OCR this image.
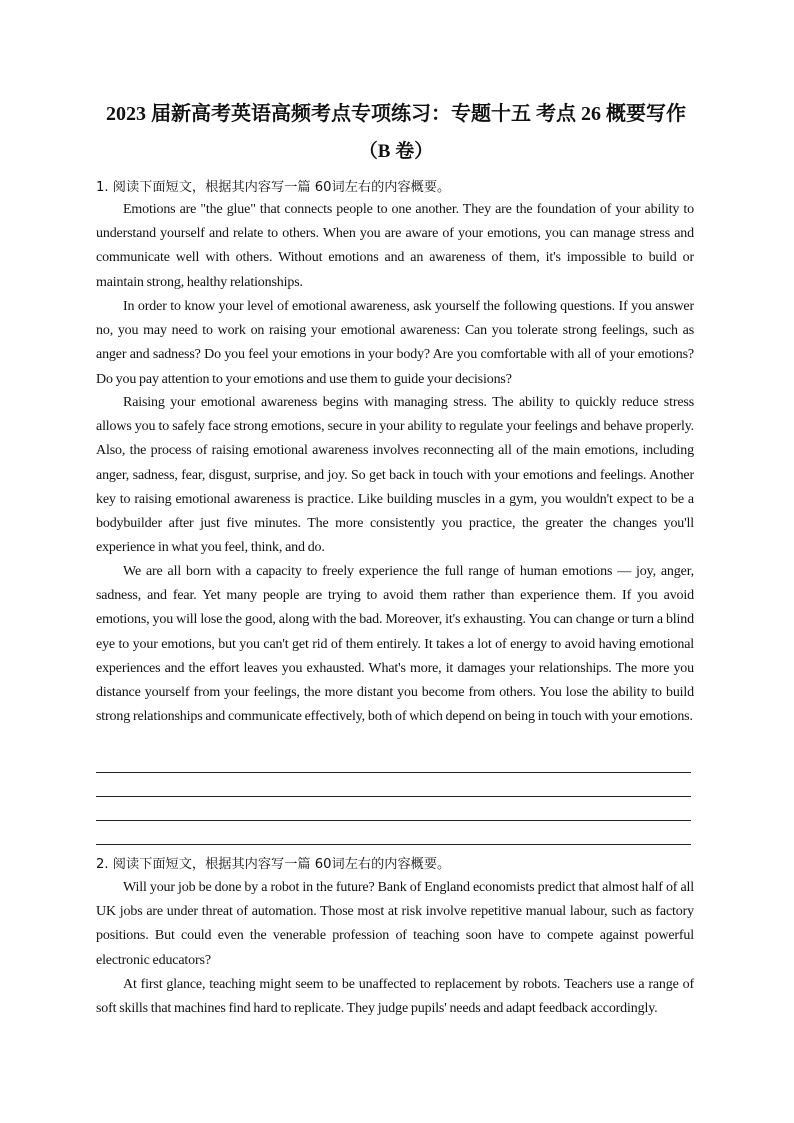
2023 届新高考英语高频考点专项练习：专题十五 考点 26 概要写作
（B 卷）
1. 阅读下面短文，根据其内容写一篇 60词左右的内容概要。
Emotions are "the glue" that connects people to one another. They are the foundation of your ability to understand yourself and relate to others. When you are aware of your emotions, you can manage stress and communicate well with others. Without emotions and an awareness of them, it's impossible to build or maintain strong, healthy relationships.
In order to know your level of emotional awareness, ask yourself the following questions. If you answer no, you may need to work on raising your emotional awareness: Can you tolerate strong feelings, such as anger and sadness? Do you feel your emotions in your body? Are you comfortable with all of your emotions? Do you pay attention to your emotions and use them to guide your decisions?
Raising your emotional awareness begins with managing stress. The ability to quickly reduce stress allows you to safely face strong emotions, secure in your ability to regulate your feelings and behave properly. Also, the process of raising emotional awareness involves reconnecting all of the main emotions, including anger, sadness, fear, disgust, surprise, and joy. So get back in touch with your emotions and feelings. Another key to raising emotional awareness is practice. Like building muscles in a gym, you wouldn't expect to be a bodybuilder after just five minutes. The more consistently you practice, the greater the changes you'll experience in what you feel, think, and do.
We are all born with a capacity to freely experience the full range of human emotions — joy, anger, sadness, and fear. Yet many people are trying to avoid them rather than experience them. If you avoid emotions, you will lose the good, along with the bad. Moreover, it's exhausting. You can change or turn a blind eye to your emotions, but you can't get rid of them entirely. It takes a lot of energy to avoid having emotional experiences and the effort leaves you exhausted. What's more, it damages your relationships. The more you distance yourself from your feelings, the more distant you become from others. You lose the ability to build strong relationships and communicate effectively, both of which depend on being in touch with your emotions.
2. 阅读下面短文，根据其内容写一篇 60词左右的内容概要。
Will your job be done by a robot in the future? Bank of England economists predict that almost half of all UK jobs are under threat of automation. Those most at risk involve repetitive manual labour, such as factory positions. But could even the venerable profession of teaching soon have to compete against powerful electronic educators?
At first glance, teaching might seem to be unaffected to replacement by robots. Teachers use a range of soft skills that machines find hard to replicate. They judge pupils' needs and adapt feedback accordingly.
